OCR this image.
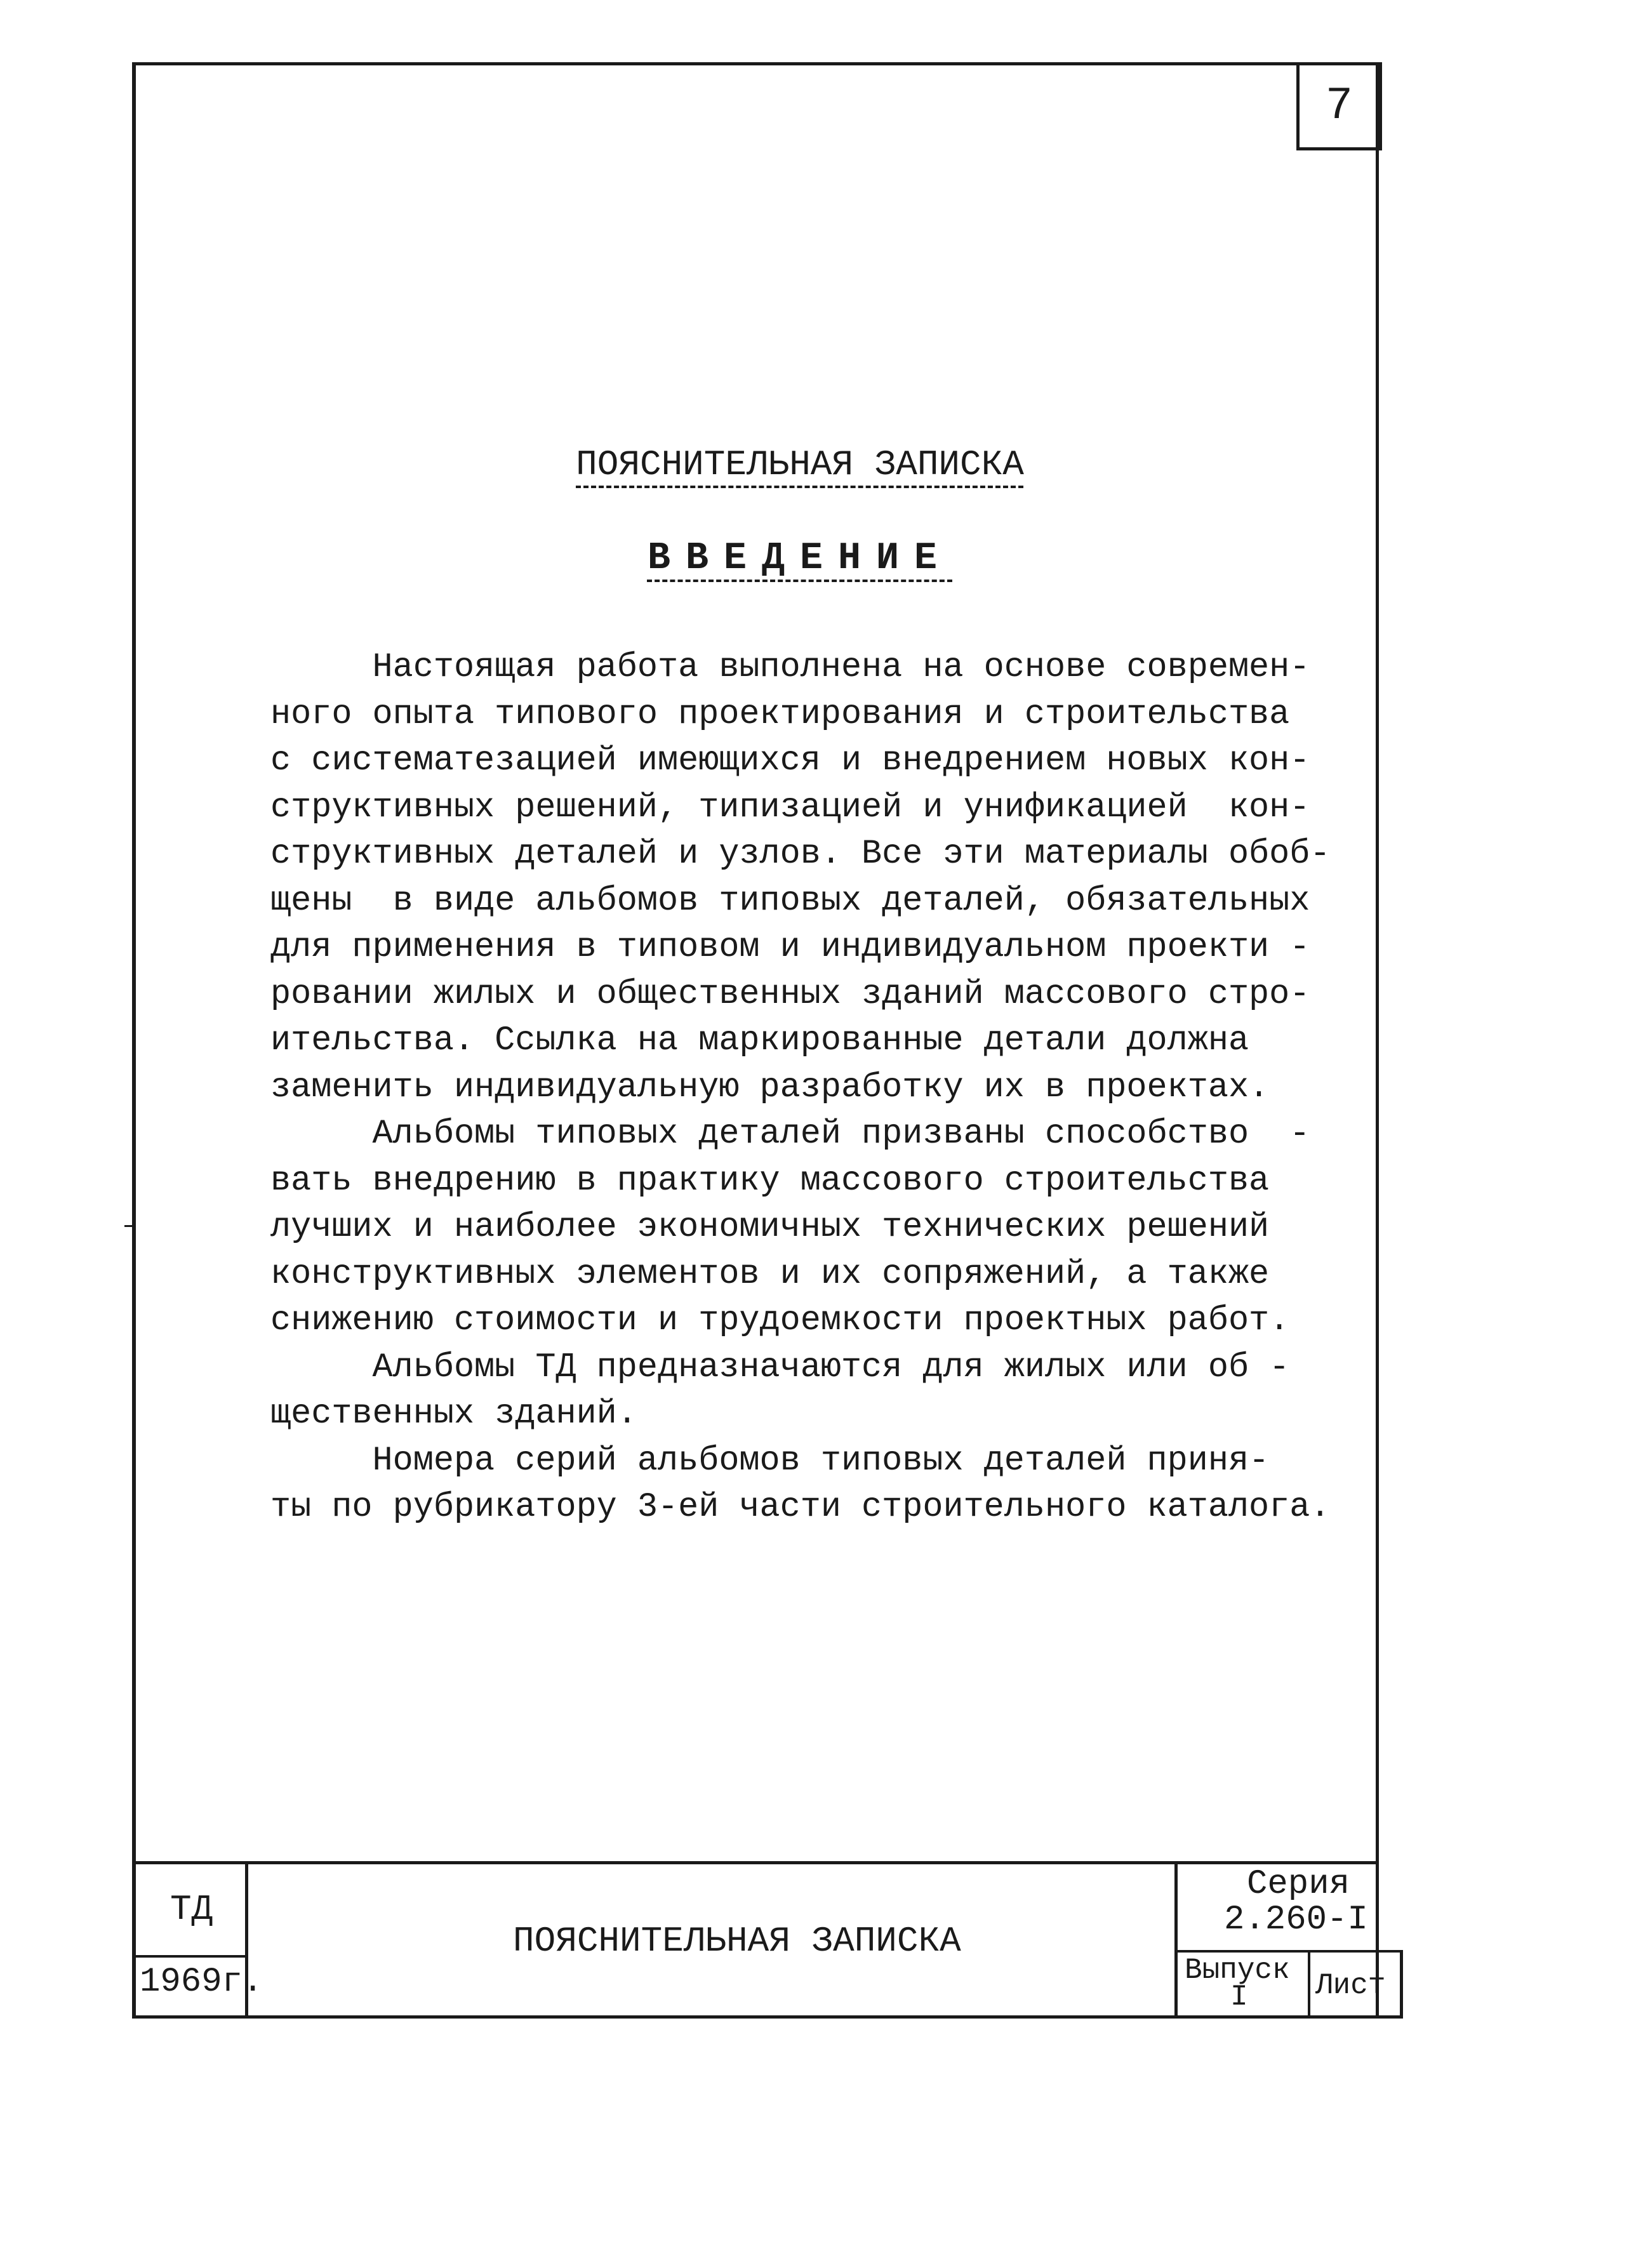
7
ПОЯСНИТЕЛЬНАЯ ЗАПИСКА
ВВЕДЕНИЕ
Настоящая работа выполнена на основе современ-
ного опыта типового проектирования и строительства
с систематезацией имеющихся и внедрением новых кон-
структивных решений, типизацией и унификацией  кон-
структивных деталей и узлов. Все эти материалы обоб-
щены  в виде альбомов типовых деталей, обязательных
для применения в типовом и индивидуальном проекти -
ровании жилых и общественных зданий массового стро-
ительства. Ссылка на маркированные детали должна
заменить индивидуальную разработку их в проектах.
Альбомы типовых деталей призваны способство  -
вать внедрению в практику массового строительства
лучших и наиболее экономичных технических решений
конструктивных элементов и их сопряжений, а также
снижению стоимости и трудоемкости проектных работ.
Альбомы ТД предназначаются для жилых или об -
щественных зданий.
Номера серий альбомов типовых деталей приня-
ты по рубрикатору 3-ей части строительного каталога.
ТД
1969г.
ПОЯСНИТЕЛЬНАЯ ЗАПИСКА
Серия
2.260-I
Выпуск
I Лист
